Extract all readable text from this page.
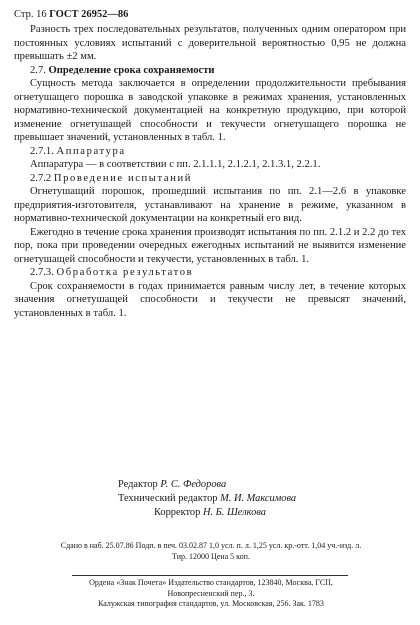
Стр. 16 ГОСТ 26952—86

Разность трех последовательных результатов, полученных одним оператором при постоянных условиях испытаний с доверительной вероятностью 0,95 не должна превышать ±2 мм.

2.7. Определение срока сохраняемости

Сущность метода заключается в определении продолжительности пребывания огнетушащего порошка в заводской упаковке в режимах хранения, установленных нормативно-технической документацией на конкретную продукцию, при которой изменение огнетушащей способности и текучести огнетушащего порошка не превышает значений, установленных в табл. 1.

2.7.1. Аппаратура

Аппаратура — в соответствии с пп. 2.1.1.1, 2.1.2.1, 2.1.3.1, 2.2.1.

2.7.2 Проведение испытаний

Огнетушащий порошок, прошедший испытания по пп. 2.1—2.6 в упаковке предприятия-изготовителя, устанавливают на хранение в режиме, указанном в нормативно-технической документации на конкретный его вид.

Ежегодно в течение срока хранения производят испытания по пп. 2.1.2 и 2.2 до тех пор, пока при проведении очередных ежегодных испытаний не выявится изменение огнетушащей способности и текучести, установленных в табл. 1.

2.7.3. Обработка результатов

Срок сохраняемости в годах принимается равным числу лет, в течение которых значения огнетушащей способности и текучести не превысят значений, установленных в табл. 1.

Редактор Р. С. Федорова
Технический редактор М. И. Максимова
Корректор Н. Б. Шелкова
Сдано в наб. 25.07.86 Подп. в печ. 03.02.87 1,0 усл. п. л. 1,25 усл. кр.-отт. 1,04 уч.-изд. л.
Тир. 12000 Цена 5 коп.
Ордена «Знак Почета» Издательство стандартов, 123840, Москва, ГСП,
Новопресненский пер., 3.
Калужская типография стандартов, ул. Московская, 256. Зак. 1783
